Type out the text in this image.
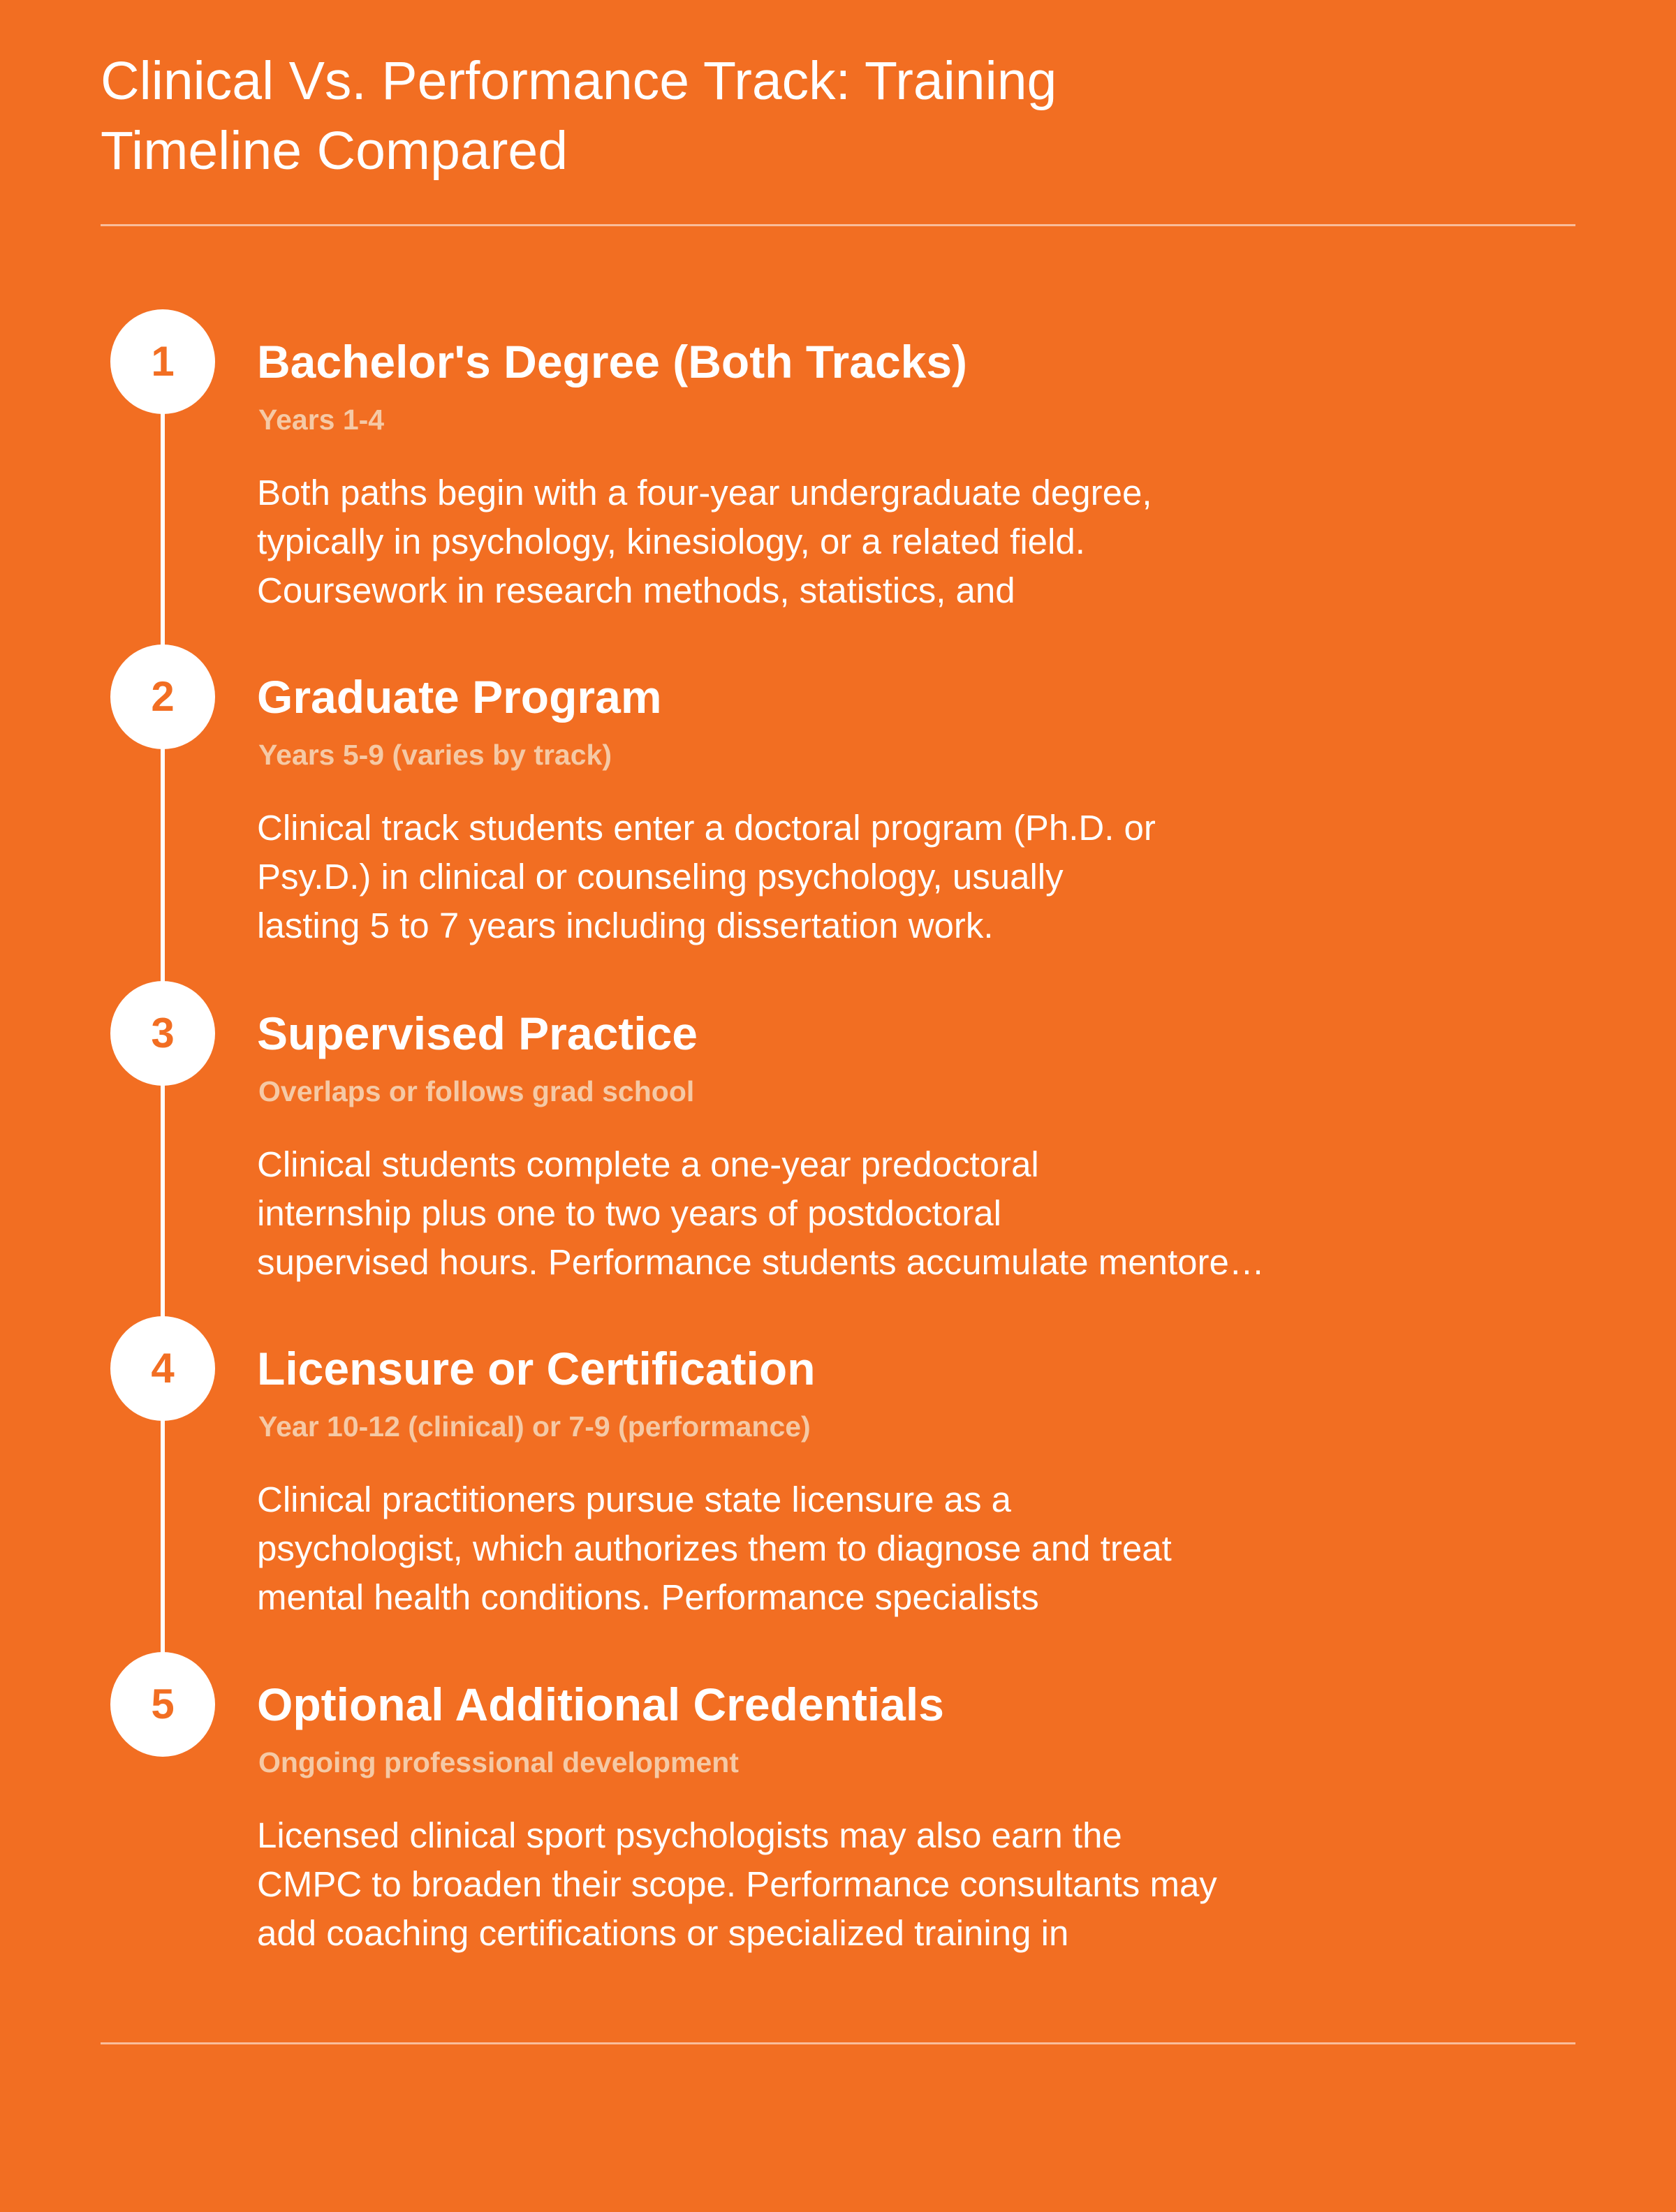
Clinical Vs. Performance Track: Training Timeline Compared
1	Bachelor's Degree (Both Tracks)
Years 1-4

Both paths begin with a four-year undergraduate degree,
typically in psychology, kinesiology, or a related field.
Coursework in research methods, statistics, and

2	Graduate Program
Years 5-9 (varies by track)

Clinical track students enter a doctoral program (Ph.D. or
Psy.D.) in clinical or counseling psychology, usually
lasting 5 to 7 years including dissertation work.

3	Supervised Practice
Overlaps or follows grad school

Clinical students complete a one-year predoctoral
internship plus one to two years of postdoctoral
supervised hours. Performance students accumulate mentore…

4	Licensure or Certification
Year 10-12 (clinical) or 7-9 (performance)

Clinical practitioners pursue state licensure as a
psychologist, which authorizes them to diagnose and treat
mental health conditions. Performance specialists

5	Optional Additional Credentials
Ongoing professional development

Licensed clinical sport psychologists may also earn the
CMPC to broaden their scope. Performance consultants may
add coaching certifications or specialized training in
